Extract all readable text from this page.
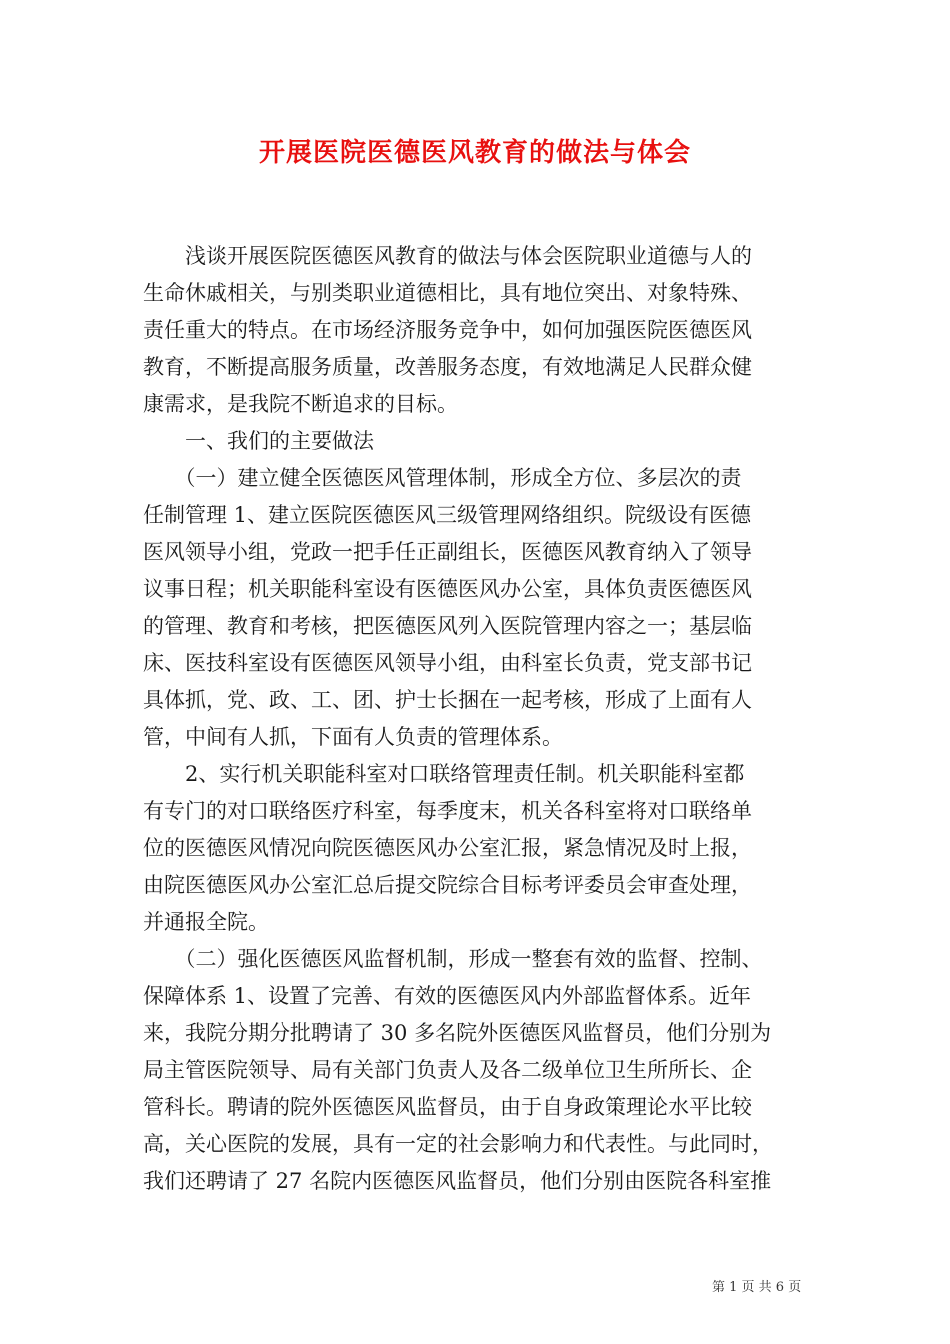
开展医院医德医风教育的做法与体会
　　浅谈开展医院医德医风教育的做法与体会医院职业道德与人的
生命休戚相关，与别类职业道德相比，具有地位突出、对象特殊、
责任重大的特点。在市场经济服务竞争中，如何加强医院医德医风
教育，不断提高服务质量，改善服务态度，有效地满足人民群众健
康需求，是我院不断追求的目标。
　　一、我们的主要做法
　　（一）建立健全医德医风管理体制，形成全方位、多层次的责
任制管理 1、建立医院医德医风三级管理网络组织。院级设有医德
医风领导小组，党政一把手任正副组长，医德医风教育纳入了领导
议事日程；机关职能科室设有医德医风办公室，具体负责医德医风
的管理、教育和考核，把医德医风列入医院管理内容之一；基层临
床、医技科室设有医德医风领导小组，由科室长负责，党支部书记
具体抓，党、政、工、团、护士长捆在一起考核，形成了上面有人
管，中间有人抓，下面有人负责的管理体系。
　　2、实行机关职能科室对口联络管理责任制。机关职能科室都
有专门的对口联络医疗科室，每季度末，机关各科室将对口联络单
位的医德医风情况向院医德医风办公室汇报，紧急情况及时上报，
由院医德医风办公室汇总后提交院综合目标考评委员会审查处理，
并通报全院。
　　（二）强化医德医风监督机制，形成一整套有效的监督、控制、
保障体系 1、设置了完善、有效的医德医风内外部监督体系。近年
来，我院分期分批聘请了 30 多名院外医德医风监督员，他们分别为
局主管医院领导、局有关部门负责人及各二级单位卫生所所长、企
管科长。聘请的院外医德医风监督员，由于自身政策理论水平比较
高，关心医院的发展，具有一定的社会影响力和代表性。与此同时，
我们还聘请了 27 名院内医德医风监督员，他们分别由医院各科室推
第 1 页 共 6 页
